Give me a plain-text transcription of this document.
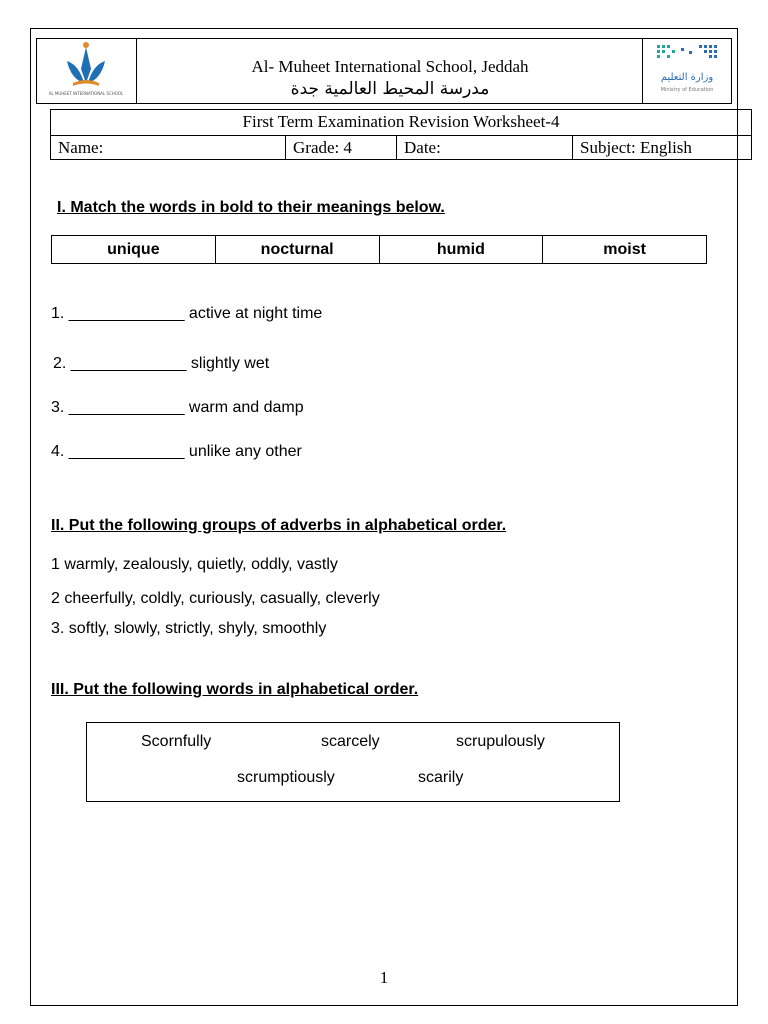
AL MUHEET INTERNATIONAL SCHOOL
Al- Muheet International School, Jeddah
مدرسة المحيط العالمية جدة
وزارة التعليم
Ministry of Education
First Term Examination Revision Worksheet-4
Name:	Grade: 4	Date:	Subject: English
I. Match the words in bold to their meanings below.
unique	nocturnal	humid	moist
1. _____________ active at night time
2. _____________ slightly wet
3. _____________ warm and damp
4. _____________ unlike any other
II. Put the following groups of adverbs in alphabetical order.
1 warmly, zealously, quietly, oddly, vastly
2 cheerfully, coldly, curiously, casually, cleverly
3. softly, slowly, strictly, shyly, smoothly
III. Put the following words in alphabetical order.
Scornfully	scarcely	scrupulously
scrumptiously	scarily
1
